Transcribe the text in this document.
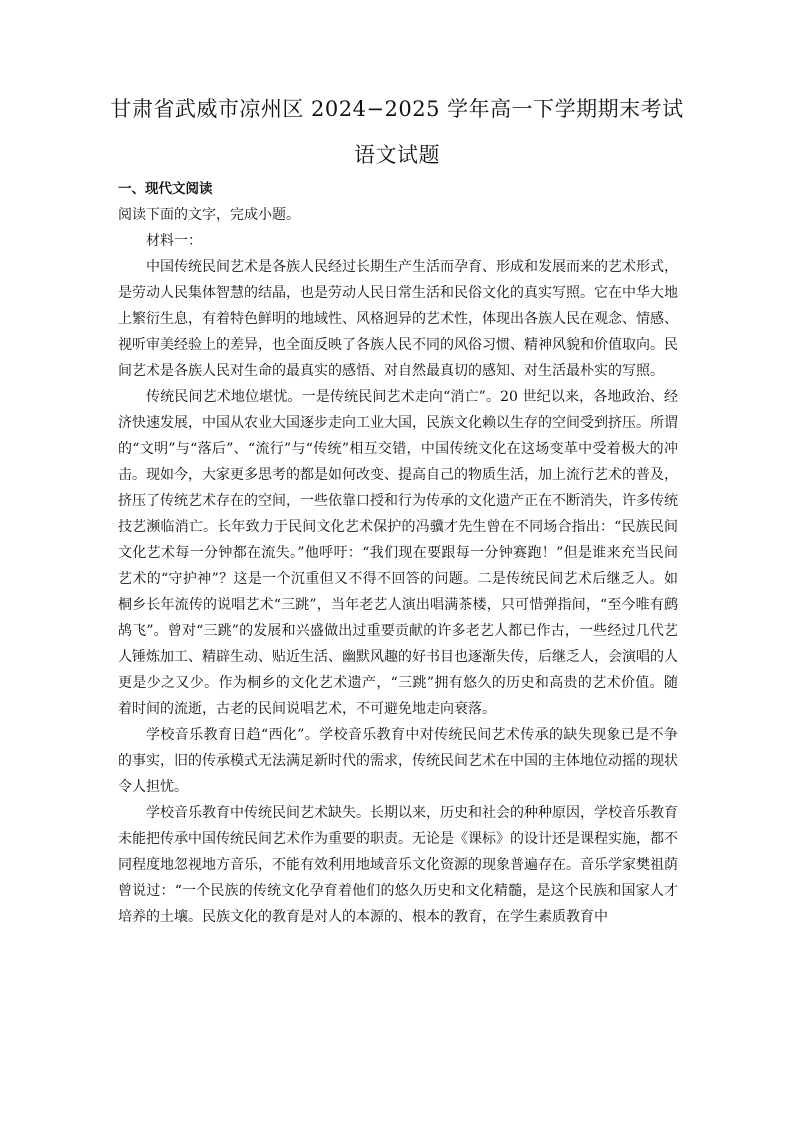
甘肃省武威市凉州区 2024−2025 学年高一下学期期末考试
语文试题

一、现代文阅读

阅读下面的文字，完成小题。

材料一：

中国传统民间艺术是各族人民经过长期生产生活而孕育、形成和发展而来的艺术形式，是劳动人民集体智慧的结晶，也是劳动人民日常生活和民俗文化的真实写照。它在中华大地上繁衍生息，有着特色鲜明的地域性、风格迥异的艺术性，体现出各族人民在观念、情感、视听审美经验上的差异，也全面反映了各族人民不同的风俗习惯、精神风貌和价值取向。民间艺术是各族人民对生命的最真实的感悟、对自然最真切的感知、对生活最朴实的写照。

传统民间艺术地位堪忧。一是传统民间艺术走向“消亡”。20 世纪以来，各地政治、经济快速发展，中国从农业大国逐步走向工业大国，民族文化赖以生存的空间受到挤压。所谓的“文明”与“落后”、“流行”与“传统”相互交错，中国传统文化在这场变革中受着极大的冲击。现如今，大家更多思考的都是如何改变、提高自己的物质生活，加上流行艺术的普及，挤压了传统艺术存在的空间，一些依靠口授和行为传承的文化遗产正在不断消失，许多传统技艺濒临消亡。长年致力于民间文化艺术保护的冯骥才先生曾在不同场合指出：“民族民间文化艺术每一分钟都在流失。”他呼吁：“我们现在要跟每一分钟赛跑！”但是谁来充当民间艺术的“守护神”？这是一个沉重但又不得不回答的问题。二是传统民间艺术后继乏人。如桐乡长年流传的说唱艺术“三跳”，当年老艺人演出唱满茶楼，只可惜弹指间，“至今唯有鹧鸪飞”。曾对“三跳”的发展和兴盛做出过重要贡献的许多老艺人都已作古，一些经过几代艺人锤炼加工、精辟生动、贴近生活、幽默风趣的好书目也逐渐失传，后继乏人，会演唱的人更是少之又少。作为桐乡的文化艺术遗产，“三跳”拥有悠久的历史和高贵的艺术价值。随着时间的流逝，古老的民间说唱艺术，不可避免地走向衰落。

学校音乐教育日趋“西化”。学校音乐教育中对传统民间艺术传承的缺失现象已是不争的事实，旧的传承模式无法满足新时代的需求，传统民间艺术在中国的主体地位动摇的现状令人担忧。

学校音乐教育中传统民间艺术缺失。长期以来，历史和社会的种种原因，学校音乐教育未能把传承中国传统民间艺术作为重要的职责。无论是《课标》的设计还是课程实施，都不同程度地忽视地方音乐，不能有效利用地域音乐文化资源的现象普遍存在。音乐学家樊祖荫曾说过：“一个民族的传统文化孕育着他们的悠久历史和文化精髓，是这个民族和国家人才培养的土壤。民族文化的教育是对人的本源的、根本的教育，在学生素质教育中
